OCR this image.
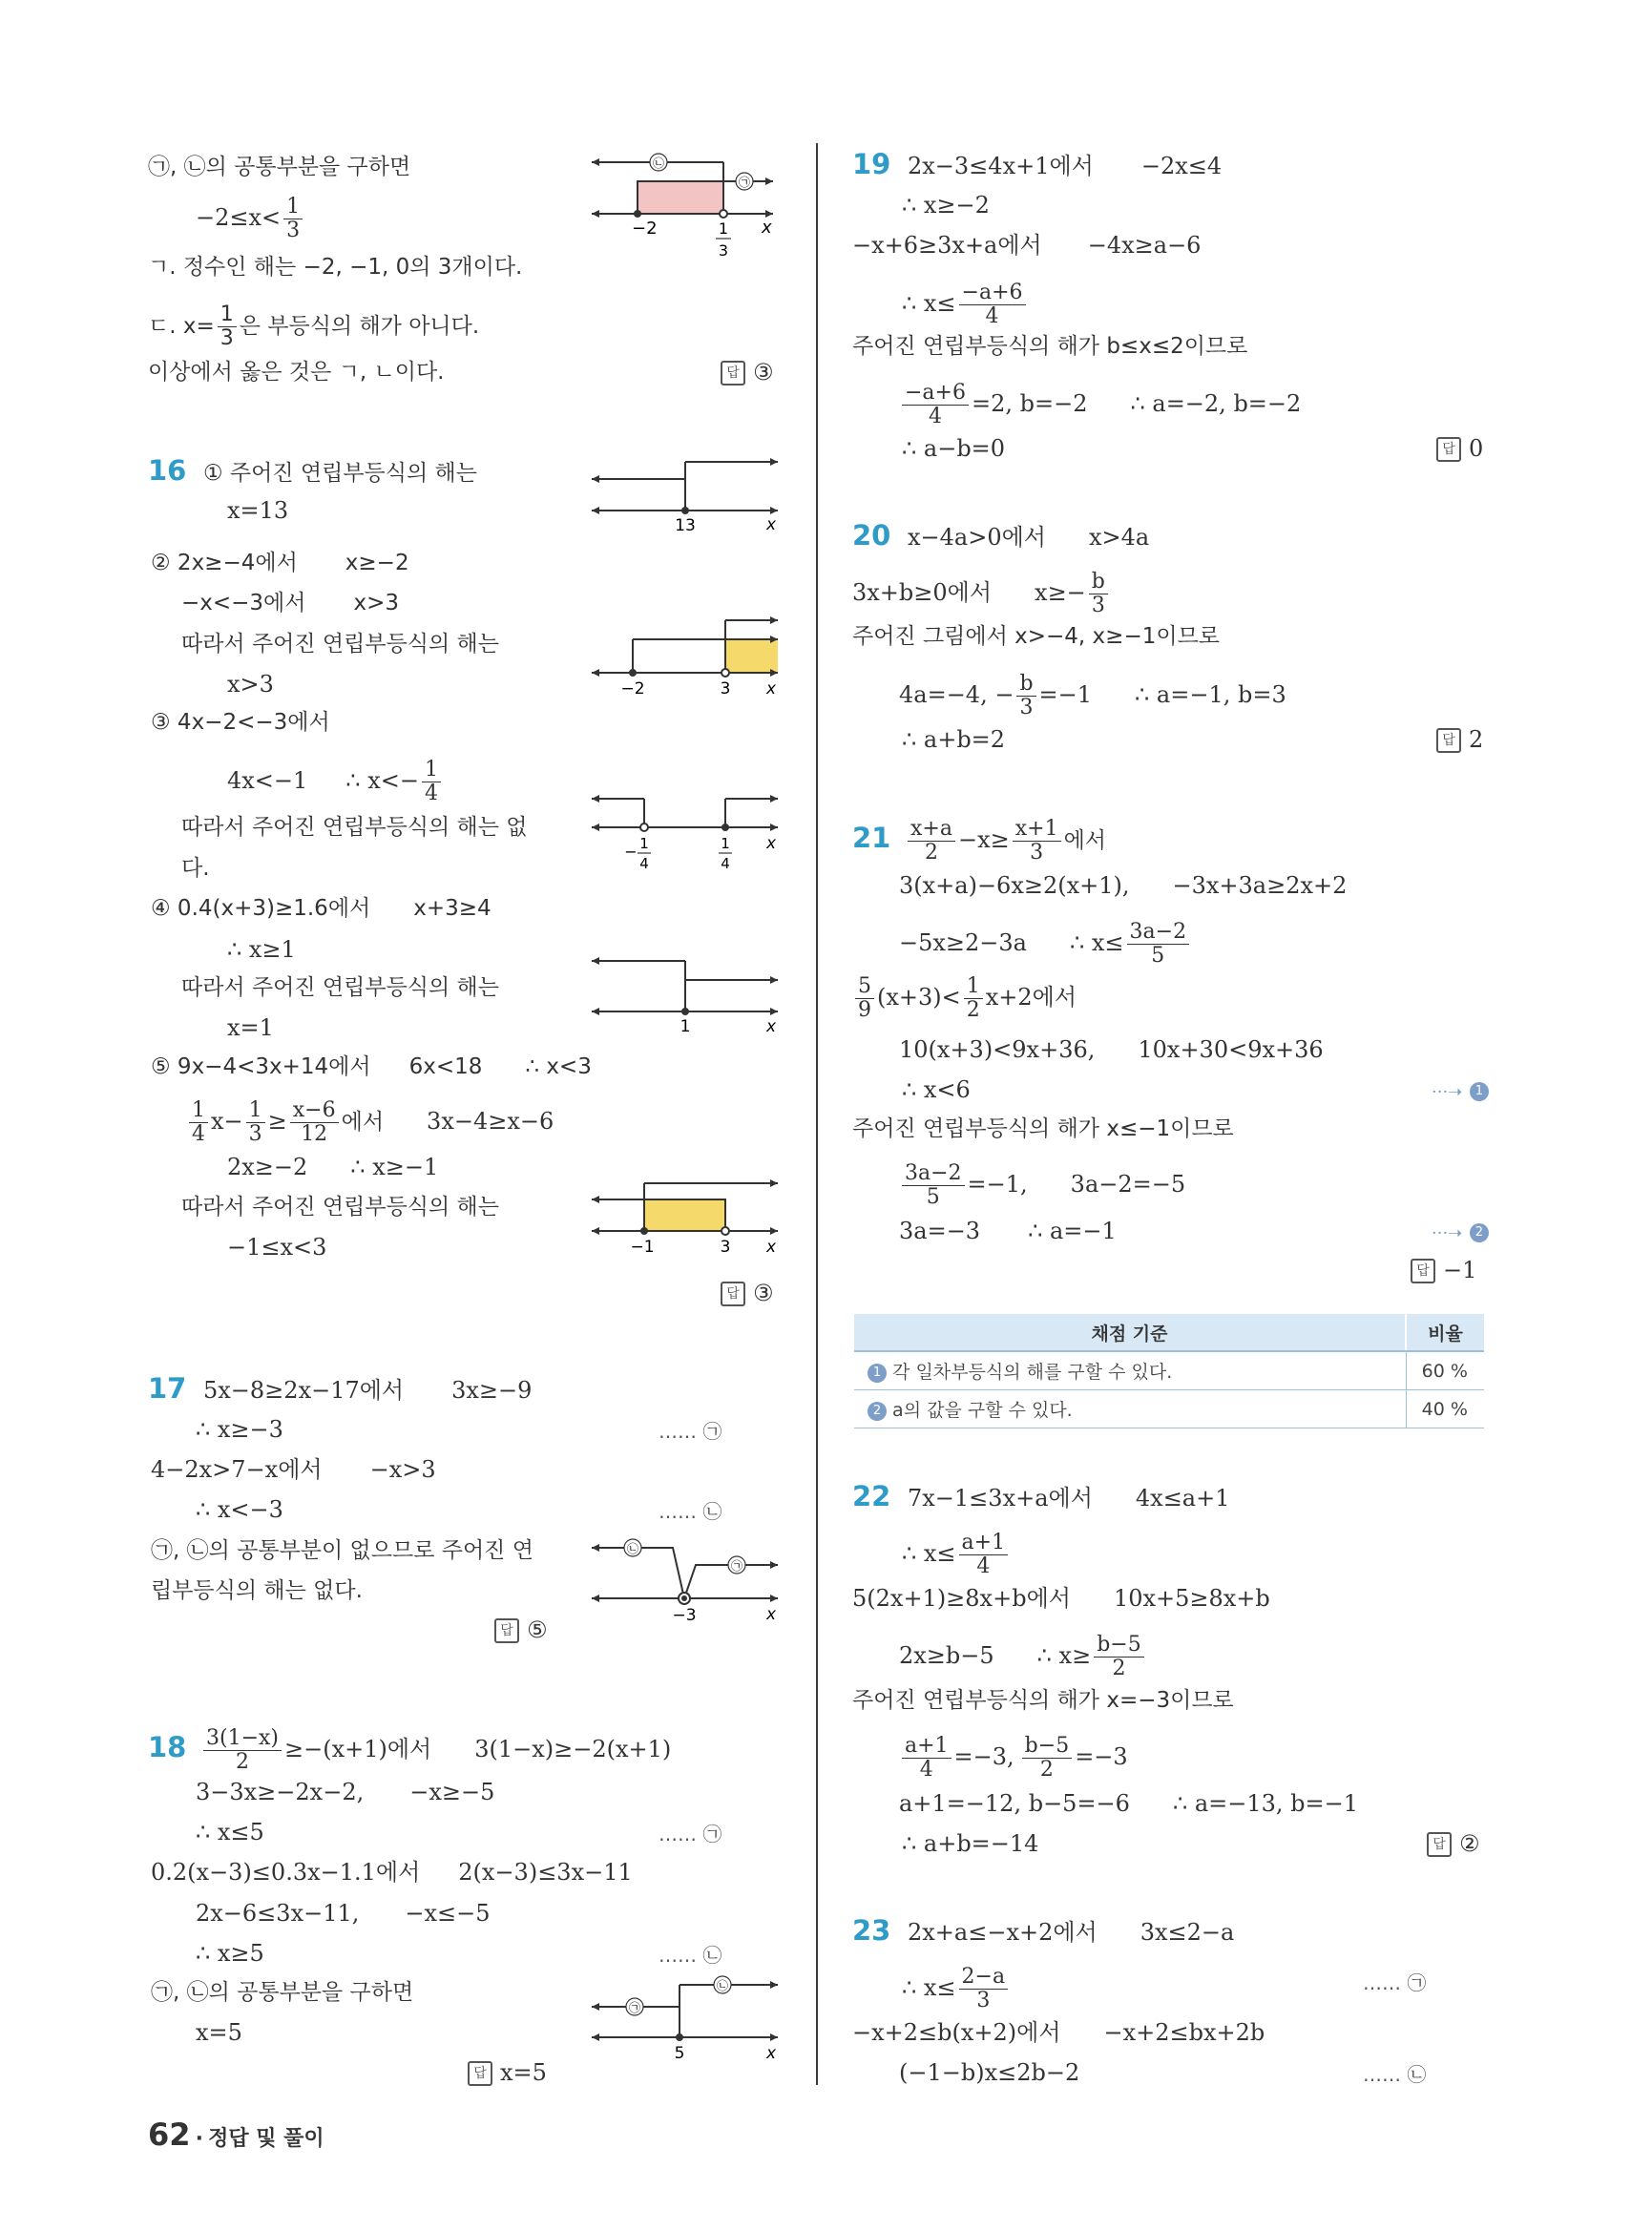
㉠, ㉡의 공통부분을 구하면
$-2\le x< \frac{1}{3}$
ㄱ. 정수인 해는 −2, −1, 0의 3개이다.
ㄷ. $x= \frac{1}{3}$ 은 부등식의 해가 아니다.
이상에서 옳은 것은 ㄱ, ㄴ이다.	답 ③
㉡
㉠
−2	1
3
x
16 ① 주어진 연립부등식의 해는
x=13
② 2x≥−4에서 x≥−2
−x<−3에서 x>3
따라서 주어진 연립부등식의 해는
x>3
③ 4x−2<−3에서
4x<−1 ∴ $x<- \frac{1}{4}$
따라서 주어진 연립부등식의 해는 없
다.
④ 0.4(x+3)≥1.6에서 x+3≥4
∴ x≥1
따라서 주어진 연립부등식의 해는
x=1
⑤ 9x−4<3x+14에서 6x<18 ∴ x<3
$\frac{1}{4} x- \frac{1}{3} \ge \frac{x-6}{12}$ 에서 3x−4≥x−6
2x≥−2 ∴ x≥−1
따라서 주어진 연립부등식의 해는
−1≤x<3
답 ③
13	x
−2	3 x
− 1
4
1
4
x
1	x
−1	3 x
17 5x−8≥2x−17에서 3x≥−9
∴ x≥−3	…… ㉠
4−2x>7−x에서 −x>3
∴ x<−3	…… ㉡
㉠, ㉡의 공통부분이 없으므로 주어진 연
립부등식의 해는 없다.
답 ⑤
㉡
㉠
−3	x
$18 \frac{3(1-x)}{2} \ge-(x+1)$에서 3(1−x)≥−2(x+1)
3−3x≥−2x−2, −x≥−5
∴ x≤5	…… ㉠
0.2(x−3)≤0.3x−1.1에서 2(x−3)≤3x−11
2x−6≤3x−11, −x≤−5
∴ x≥5	…… ㉡
㉠, ㉡의 공통부분을 구하면
x=5
답 x=5
㉠
㉡
5	x
19 2x−3≤4x+1에서 −2x≤4
∴ x≥−2
−x+6≥3x+a에서 −4x≥a−6
∴ $x\le \frac{-a+6}{4}$
주어진 연립부등식의 해가 b≤x≤2이므로
$\frac{-a+6}{4} =2$, b=−2 ∴ a=−2, b=−2
∴ a−b=0	답 0
20 x−4a>0에서 x>4a
3x+b≥0에서 $x\ge- \frac{b}{3}$
주어진 그림에서 x>−4, x≥−1이므로
4a=−4, − $\frac{b}{3} =-1$ ∴ a=−1, b=3
∴ a+b=2	답 2
$21 \frac{x+a}{2} -x\ge \frac{x+1}{3}$ 에서
3(x+a)−6x≥2(x+1), −3x+3a≥2x+2
−5x≥2−3a ∴ $x\le \frac{3a-2}{5}$
$\frac{5}{9} (x+3)< \frac{1}{2} x+2$에서
10(x+3)<9x+36, 10x+30<9x+36
∴ x<6	···➝ 1
주어진 연립부등식의 해가 x≤−1이므로
$\frac{3a-2}{5} =-1$, 3a−2=−5
3a=−3 ∴ a=−1	···➝ 2
답 −1
채점 기준	비율
1 각 일차부등식의 해를 구할 수 있다.	60 %
2 a의 값을 구할 수 있다.	40 %
22 7x−1≤3x+a에서 4x≤a+1
∴ $x\le \frac{a+1}{4}$
5(2x+1)≥8x+b에서 10x+5≥8x+b
2x≥b−5 ∴ $x\ge \frac{b-5}{2}$
주어진 연립부등식의 해가 x=−3이므로
$\frac{a+1}{4} =-3$, $\frac{b-5}{2} =-3$
a+1=−12, b−5=−6 ∴ a=−13, b=−1
∴ a+b=−14	답 ②
23 2x+a≤−x+2에서 3x≤2−a
∴ $x\le \frac{2-a}{3}$	…… ㉠
−x+2≤b(x+2)에서 −x+2≤bx+2b
(−1−b)x≤2b−2	…… ㉡
62 · 정답 및 풀이
